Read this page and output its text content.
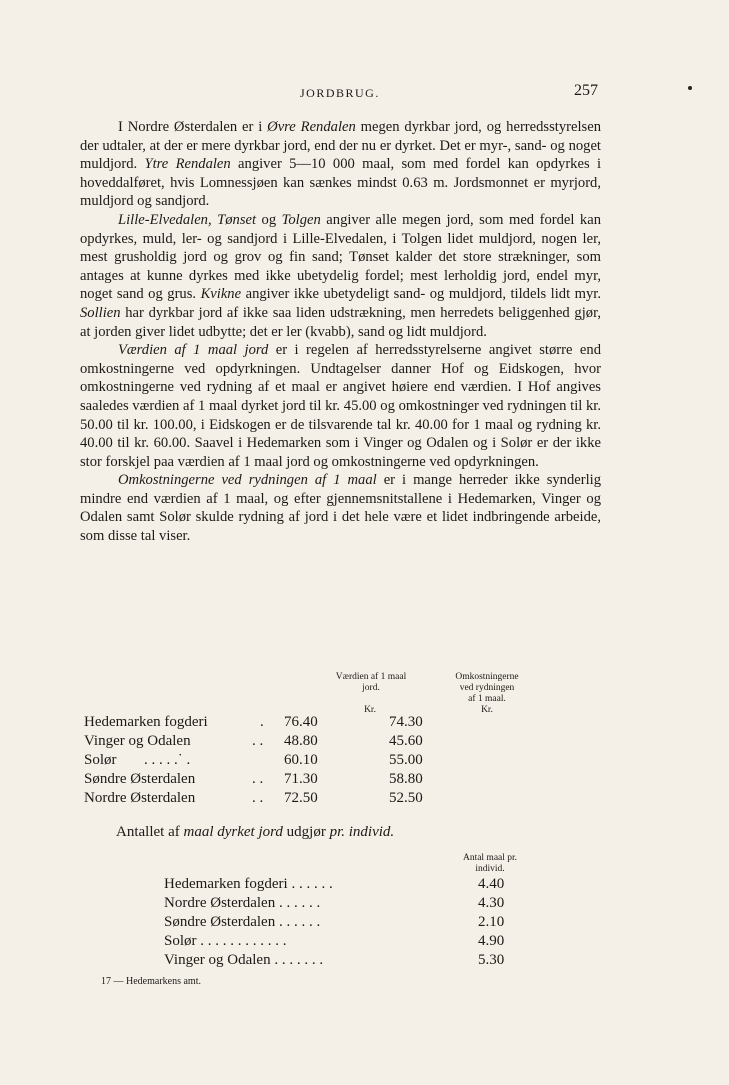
JORDBRUG.	257

I Nordre Østerdalen er i Øvre Rendalen megen dyrkbar jord, og herredsstyrelsen der udtaler, at der er mere dyrkbar jord, end der nu er dyrket. Det er myr-, sand- og noget muldjord. Ytre Rendalen angiver 5—10 000 maal, som med fordel kan opdyrkes i hoveddalføret, hvis Lomnessjøen kan sænkes mindst 0.63 m. Jordsmonnet er myrjord, muldjord og sandjord.

Lille-Elvedalen, Tønset og Tolgen angiver alle megen jord, som med fordel kan opdyrkes, muld, ler- og sandjord i Lille-Elvedalen, i Tolgen lidet muldjord, nogen ler, mest grusholdig jord og grov og fin sand; Tønset kalder det store strækninger, som antages at kunne dyrkes med ikke ubetydelig fordel; mest lerholdig jord, endel myr, noget sand og grus. Kvikne angiver ikke ubetydeligt sand- og muldjord, tildels lidt myr. Sollien har dyrkbar jord af ikke saa liden udstrækning, men herredets beliggenhed gjør, at jorden giver lidet udbytte; det er ler (kvabb), sand og lidt muldjord.

Værdien af 1 maal jord er i regelen af herredsstyrelserne angivet større end omkostningerne ved opdyrkningen. Undtagelser danner Hof og Eidskogen, hvor omkostningerne ved rydning af et maal er angivet høiere end værdien. I Hof angives saaledes værdien af 1 maal dyrket jord til kr. 45.00 og omkostninger ved rydningen til kr. 50.00 til kr. 100.00, i Eidskogen er de tilsvarende tal kr. 40.00 for 1 maal og rydning kr. 40.00 til kr. 60.00. Saavel i Hedemarken som i Vinger og Odalen og i Solør er der ikke stor forskjel paa værdien af 1 maal jord og omkostningerne ved opdyrkningen.

Omkostningerne ved rydningen af 1 maal er i mange herreder ikke synderlig mindre end værdien af 1 maal, og efter gjennemsnitstallene i Hedemarken, Vinger og Odalen samt Solør skulde rydning af jord i det hele være et lidet indbringende arbeide, som disse tal viser.

Værdien af 1 maal
jord.
Omkostningerne
ved rydningen
af 1 maal.
Kr.	Kr.
Hedemarken fogderi	. 76.40	74.30
Vinger og Odalen	. . 48.80	45.60
Solør . . . . .˙ .	60.10	55.00
Søndre Østerdalen	. . 71.30	58.80
Nordre Østerdalen	. . 72.50	52.50
Antallet af maal dyrket jord udgjør pr. individ.
Antal maal pr.
individ.
Hedemarken fogderi . . . . . .	4.40
Nordre Østerdalen . . . . . .	4.30
Søndre Østerdalen . . . . . .	2.10
Solør . . . . . . . . . . . .	4.90
Vinger og Odalen . . . . . . .	5.30
17 — Hedemarkens amt.
